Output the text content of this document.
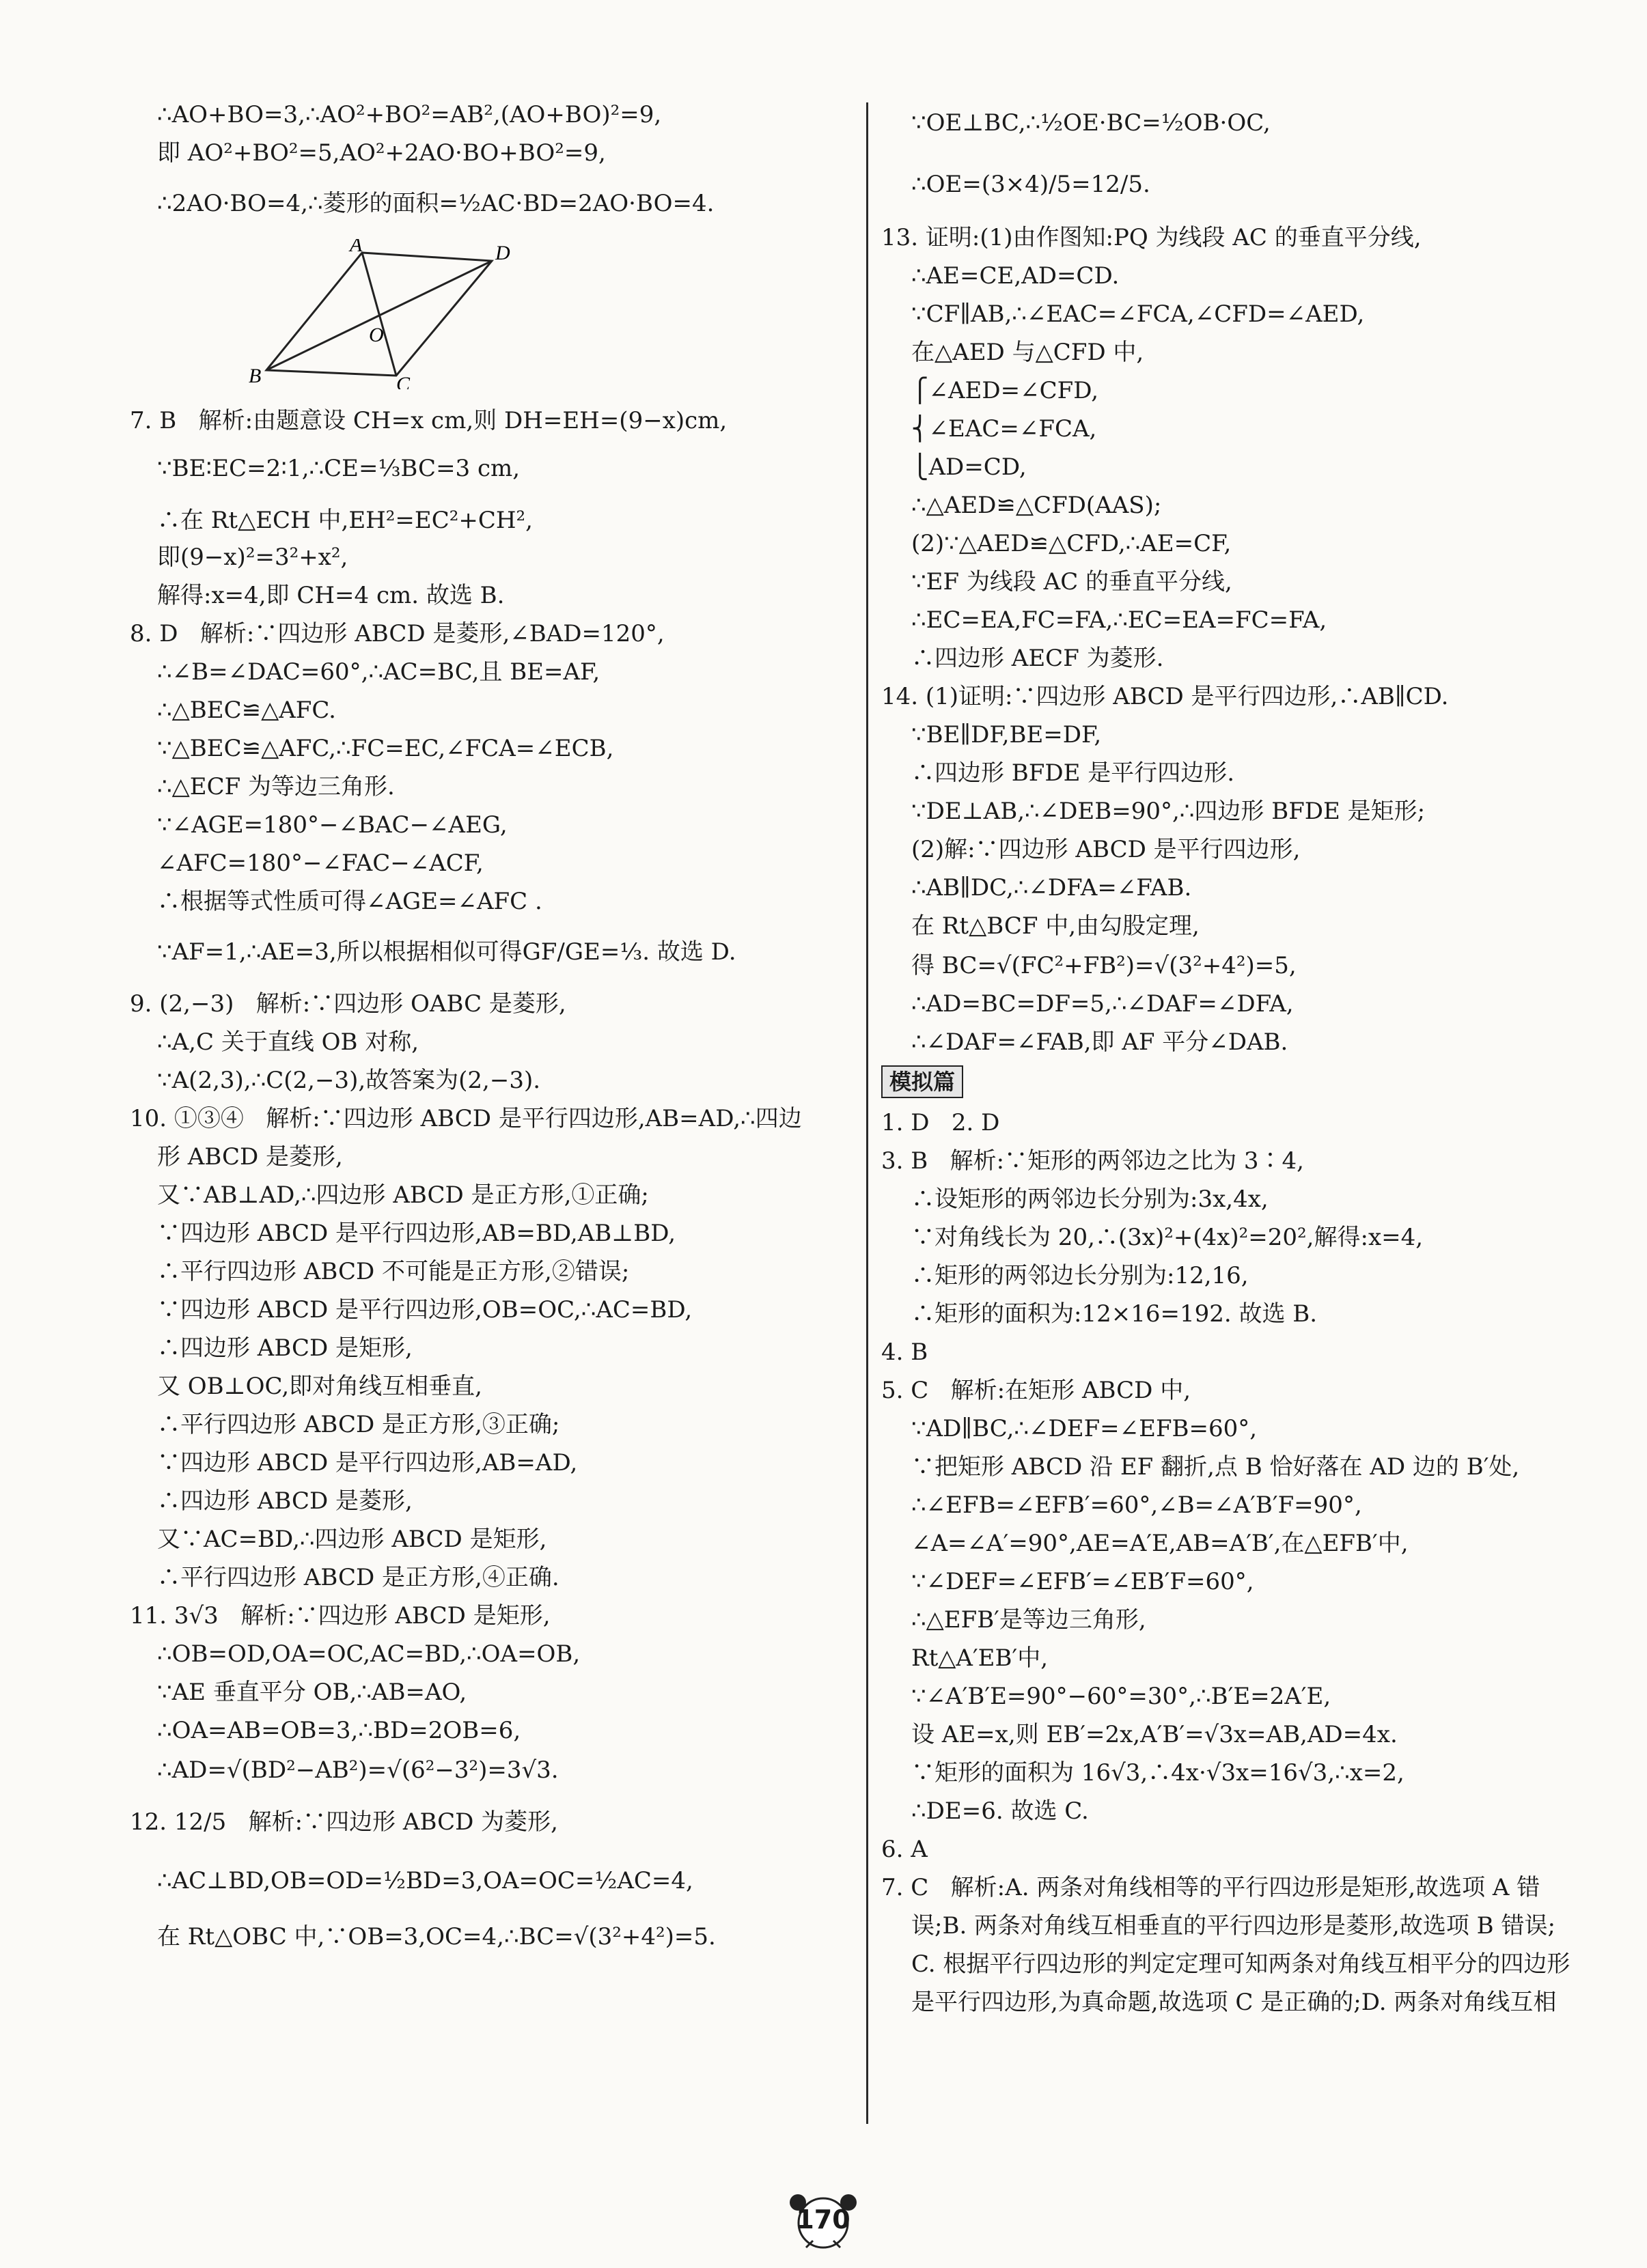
∴AO+BO=3,∴AO²+BO²=AB²,(AO+BO)²=9,
即 AO²+BO²=5,AO²+2AO·BO+BO²=9,
∴2AO·BO=4,∴菱形的面积=½AC·BD=2AO·BO=4.
7. B   解析:由题意设 CH=x cm,则 DH=EH=(9−x)cm,
∵BE∶EC=2∶1,∴CE=⅓BC=3 cm,
∴在 Rt△ECH 中,EH²=EC²+CH²,
即(9−x)²=3²+x²,
解得:x=4,即 CH=4 cm. 故选 B.
8. D   解析:∵四边形 ABCD 是菱形,∠BAD=120°,
∴∠B=∠DAC=60°,∴AC=BC,且 BE=AF,
∴△BEC≌△AFC.
∵△BEC≌△AFC,∴FC=EC,∠FCA=∠ECB,
∴△ECF 为等边三角形.
∵∠AGE=180°−∠BAC−∠AEG,
∠AFC=180°−∠FAC−∠ACF,
∴根据等式性质可得∠AGE=∠AFC .
∵AF=1,∴AE=3,所以根据相似可得GF/GE=⅓. 故选 D.
9. (2,−3)   解析:∵四边形 OABC 是菱形,
∴A,C 关于直线 OB 对称,
∵A(2,3),∴C(2,−3),故答案为(2,−3).
10. ①③④   解析:∵四边形 ABCD 是平行四边形,AB=AD,∴四边
形 ABCD 是菱形,
又∵AB⊥AD,∴四边形 ABCD 是正方形,①正确;
∵四边形 ABCD 是平行四边形,AB=BD,AB⊥BD,
∴平行四边形 ABCD 不可能是正方形,②错误;
∵四边形 ABCD 是平行四边形,OB=OC,∴AC=BD,
∴四边形 ABCD 是矩形,
又 OB⊥OC,即对角线互相垂直,
∴平行四边形 ABCD 是正方形,③正确;
∵四边形 ABCD 是平行四边形,AB=AD,
∴四边形 ABCD 是菱形,
又∵AC=BD,∴四边形 ABCD 是矩形,
∴平行四边形 ABCD 是正方形,④正确.
11. 3√3   解析:∵四边形 ABCD 是矩形,
∴OB=OD,OA=OC,AC=BD,∴OA=OB,
∵AE 垂直平分 OB,∴AB=AO,
∴OA=AB=OB=3,∴BD=2OB=6,
∴AD=√(BD²−AB²)=√(6²−3²)=3√3.
12. 12/5   解析:∵四边形 ABCD 为菱形,
∴AC⊥BD,OB=OD=½BD=3,OA=OC=½AC=4,
在 Rt△OBC 中,∵OB=3,OC=4,∴BC=√(3²+4²)=5.
∵OE⊥BC,∴½OE·BC=½OB·OC,
∴OE=(3×4)/5=12/5.
13. 证明:(1)由作图知:PQ 为线段 AC 的垂直平分线,
∴AE=CE,AD=CD.
∵CF∥AB,∴∠EAC=∠FCA,∠CFD=∠AED,
在△AED 与△CFD 中,
⎧∠AED=∠CFD,
⎨∠EAC=∠FCA,
⎩AD=CD,
∴△AED≌△CFD(AAS);
(2)∵△AED≌△CFD,∴AE=CF,
∵EF 为线段 AC 的垂直平分线,
∴EC=EA,FC=FA,∴EC=EA=FC=FA,
∴四边形 AECF 为菱形.
14. (1)证明:∵四边形 ABCD 是平行四边形,∴AB∥CD.
∵BE∥DF,BE=DF,
∴四边形 BFDE 是平行四边形.
∵DE⊥AB,∴∠DEB=90°,∴四边形 BFDE 是矩形;
(2)解:∵四边形 ABCD 是平行四边形,
∴AB∥DC,∴∠DFA=∠FAB.
在 Rt△BCF 中,由勾股定理,
得 BC=√(FC²+FB²)=√(3²+4²)=5,
∴AD=BC=DF=5,∴∠DAF=∠DFA,
∴∠DAF=∠FAB,即 AF 平分∠DAB.
1. D   2. D
3. B   解析:∵矩形的两邻边之比为 3∶4,
∴设矩形的两邻边长分别为:3x,4x,
∵对角线长为 20,∴(3x)²+(4x)²=20²,解得:x=4,
∴矩形的两邻边长分别为:12,16,
∴矩形的面积为:12×16=192. 故选 B.
4. B
5. C   解析:在矩形 ABCD 中,
∵AD∥BC,∴∠DEF=∠EFB=60°,
∵把矩形 ABCD 沿 EF 翻折,点 B 恰好落在 AD 边的 B′处,
∴∠EFB=∠EFB′=60°,∠B=∠A′B′F=90°,
∠A=∠A′=90°,AE=A′E,AB=A′B′,在△EFB′中,
∵∠DEF=∠EFB′=∠EB′F=60°,
∴△EFB′是等边三角形,
Rt△A′EB′中,
∵∠A′B′E=90°−60°=30°,∴B′E=2A′E,
设 AE=x,则 EB′=2x,A′B′=√3x=AB,AD=4x.
∵矩形的面积为 16√3,∴4x·√3x=16√3,∴x=2,
∴DE=6. 故选 C.
6. A
7. C   解析:A. 两条对角线相等的平行四边形是矩形,故选项 A 错
误;B. 两条对角线互相垂直的平行四边形是菱形,故选项 B 错误;
C. 根据平行四边形的判定定理可知两条对角线互相平分的四边形
是平行四边形,为真命题,故选项 C 是正确的;D. 两条对角线互相
模拟篇
A	D
B	C
O
170
